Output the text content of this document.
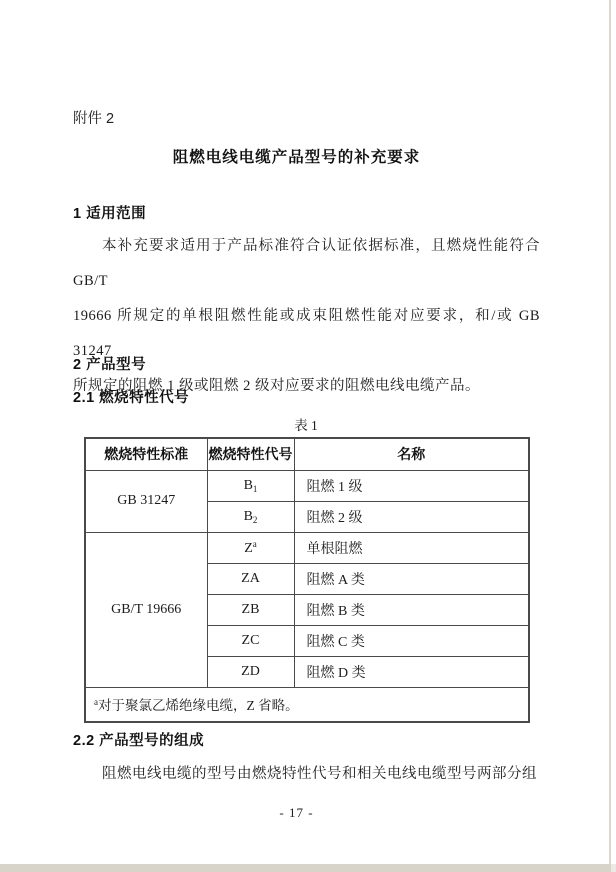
附件 2
阻燃电线电缆产品型号的补充要求
1 适用范围
本补充要求适用于产品标准符合认证依据标准，且燃烧性能符合 GB/T
19666 所规定的单根阻燃性能或成束阻燃性能对应要求，和/或 GB 31247
所规定的阻燃 1 级或阻燃 2 级对应要求的阻燃电线电缆产品。
2 产品型号
2.1 燃烧特性代号
表 1
燃烧特性标准	燃烧特性代号	名称
GB 31247	$B_1$	阻燃 1 级
	$B_2$	阻燃 2 级
GB/T 19666	$Z^a$	单根阻燃
	ZA	阻燃 A 类
	ZB	阻燃 B 类
	ZC	阻燃 C 类
	ZD	阻燃 D 类
$^a$对于聚氯乙烯绝缘电缆，Z 省略。		
2.2 产品型号的组成
阻燃电线电缆的型号由燃烧特性代号和相关电线电缆型号两部分组
- 17 -
